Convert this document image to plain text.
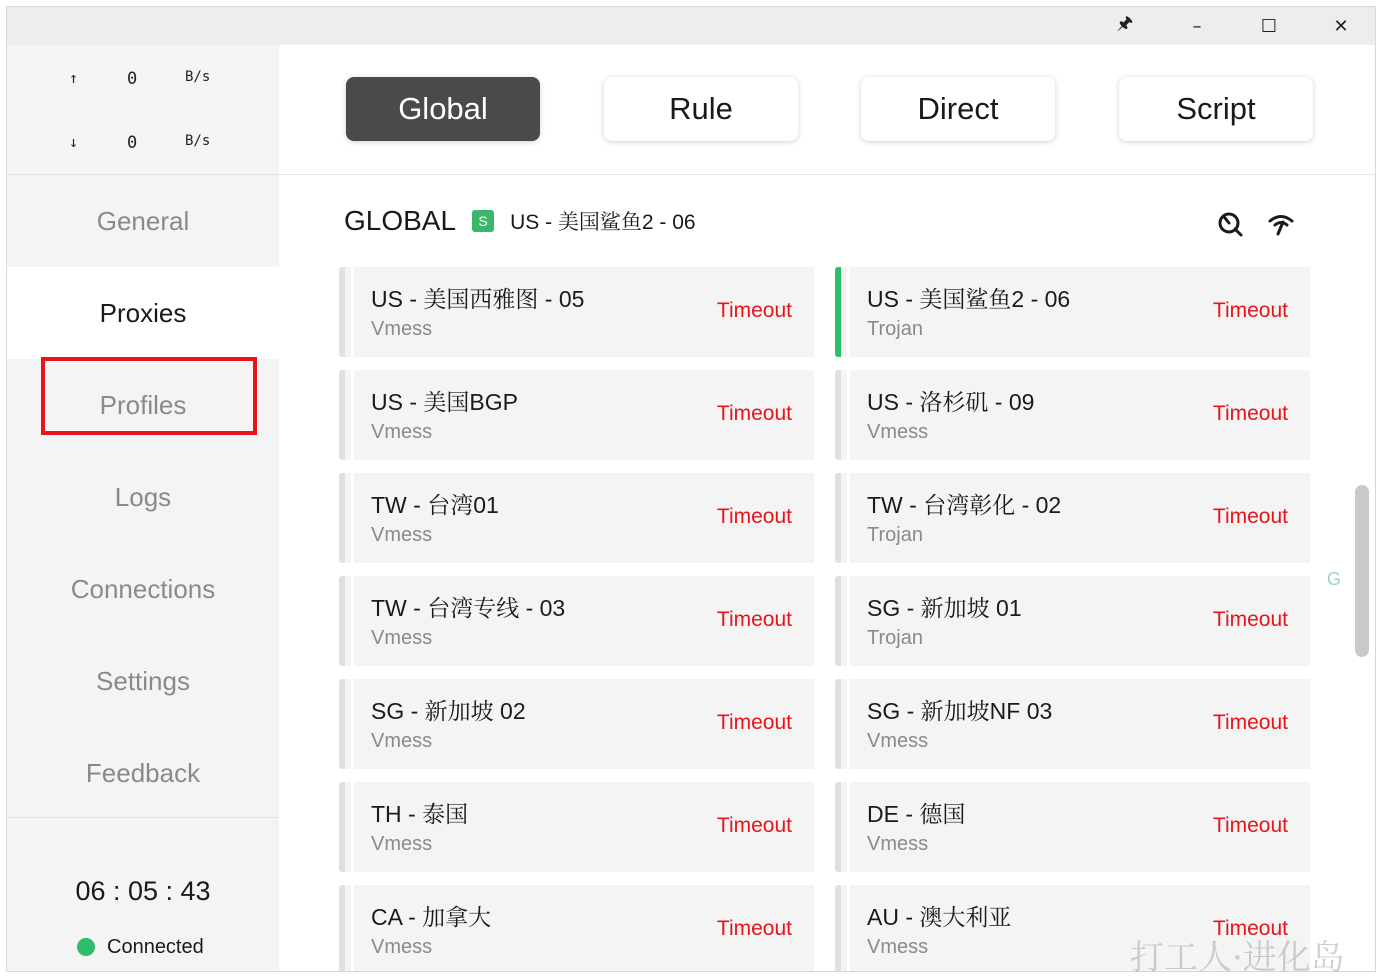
🖈	–	☐	✕
↑	0	B/s
↓	0	B/s
General
Proxies
Profiles
Logs
Connections
Settings
Feedback
06 : 05 : 43
Connected
Global	Rule	Direct	Script
GLOBAL	S	US - 美国鲨鱼2 - 06
US - 美国西雅图 - 05
Vmess
Timeout	US - 美国鲨鱼2 - 06
Trojan
Timeout
US - 美国BGP
Vmess
Timeout	US - 洛杉矶 - 09
Vmess
Timeout
TW - 台湾01
Vmess
Timeout	TW - 台湾彰化 - 02
Trojan
Timeout
TW - 台湾专线 - 03
Vmess
Timeout	SG - 新加坡 01
Trojan
Timeout
SG - 新加坡 02
Vmess
Timeout	SG - 新加坡NF 03
Vmess
Timeout
TH - 泰国
Vmess
Timeout	DE - 德国
Vmess
Timeout
CA - 加拿大
Vmess
Timeout	AU - 澳大利亚
Vmess
Timeout
G
打工人·进化岛
